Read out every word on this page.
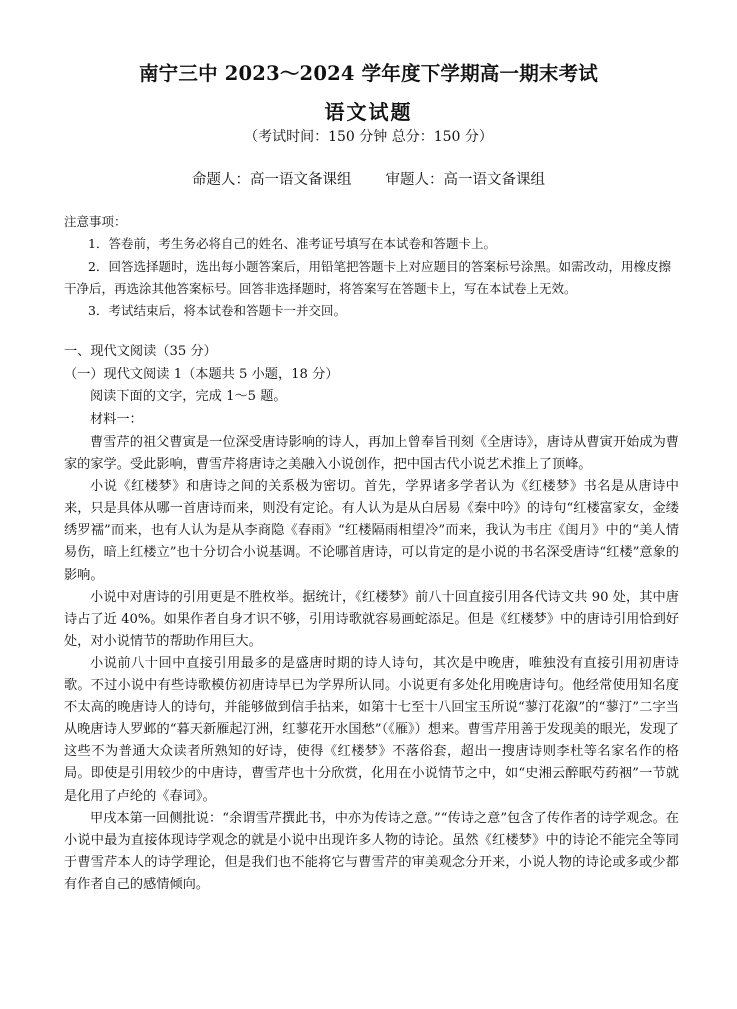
南宁三中 2023～2024 学年度下学期高一期末考试
语文试题
（考试时间：150 分钟 总分：150 分）
命题人：高一语文备课组 审题人：高一语文备课组

注意事项：

1．答卷前，考生务必将自己的姓名、准考证号填写在本试卷和答题卡上。

2．回答选择题时，选出每小题答案后，用铅笔把答题卡上对应题目的答案标号涂黑。如需改动，用橡皮擦干净后，再选涂其他答案标号。回答非选择题时，将答案写在答题卡上，写在本试卷上无效。

3．考试结束后，将本试卷和答题卡一并交回。

一、现代文阅读（35 分）

（一）现代文阅读 1（本题共 5 小题，18 分）

阅读下面的文字，完成 1～5 题。

材料一：

曹雪芹的祖父曹寅是一位深受唐诗影响的诗人，再加上曾奉旨刊刻《全唐诗》，唐诗从曹寅开始成为曹家的家学。受此影响，曹雪芹将唐诗之美融入小说创作，把中国古代小说艺术推上了顶峰。

小说《红楼梦》和唐诗之间的关系极为密切。首先，学界诸多学者认为《红楼梦》书名是从唐诗中来，只是具体从哪一首唐诗而来，则没有定论。有人认为是从白居易《秦中吟》的诗句“红楼富家女，金缕绣罗襦”而来，也有人认为是从李商隐《春雨》“红楼隔雨相望冷”而来，我认为韦庄《闺月》中的“美人情易伤，暗上红楼立”也十分切合小说基调。不论哪首唐诗，可以肯定的是小说的书名深受唐诗“红楼”意象的影响。

小说中对唐诗的引用更是不胜枚举。据统计，《红楼梦》前八十回直接引用各代诗文共 90 处，其中唐诗占了近 40%。如果作者自身才识不够，引用诗歌就容易画蛇添足。但是《红楼梦》中的唐诗引用恰到好处，对小说情节的帮助作用巨大。

小说前八十回中直接引用最多的是盛唐时期的诗人诗句，其次是中晚唐，唯独没有直接引用初唐诗歌。不过小说中有些诗歌模仿初唐诗早已为学界所认同。小说更有多处化用晚唐诗句。他经常使用知名度不太高的晚唐诗人的诗句，并能够做到信手拈来，如第十七至十八回宝玉所说“蓼汀花溆”的“蓼汀”二字当从晚唐诗人罗邺的“暮天新雁起汀洲，红蓼花开水国愁”（《雁》）想来。曹雪芹用善于发现美的眼光，发现了这些不为普通大众读者所熟知的好诗，使得《红楼梦》不落俗套，超出一搜唐诗则李杜等名家名作的格局。即使是引用较少的中唐诗，曹雪芹也十分欣赏，化用在小说情节之中，如“史湘云醉眠芍药裀”一节就是化用了卢纶的《春词》。

甲戌本第一回侧批说：“余谓雪芹撰此书，中亦为传诗之意。”“传诗之意”包含了传作者的诗学观念。在小说中最为直接体现诗学观念的就是小说中出现许多人物的诗论。虽然《红楼梦》中的诗论不能完全等同于曹雪芹本人的诗学理论，但是我们也不能将它与曹雪芹的审美观念分开来，小说人物的诗论或多或少都有作者自己的感情倾向。
